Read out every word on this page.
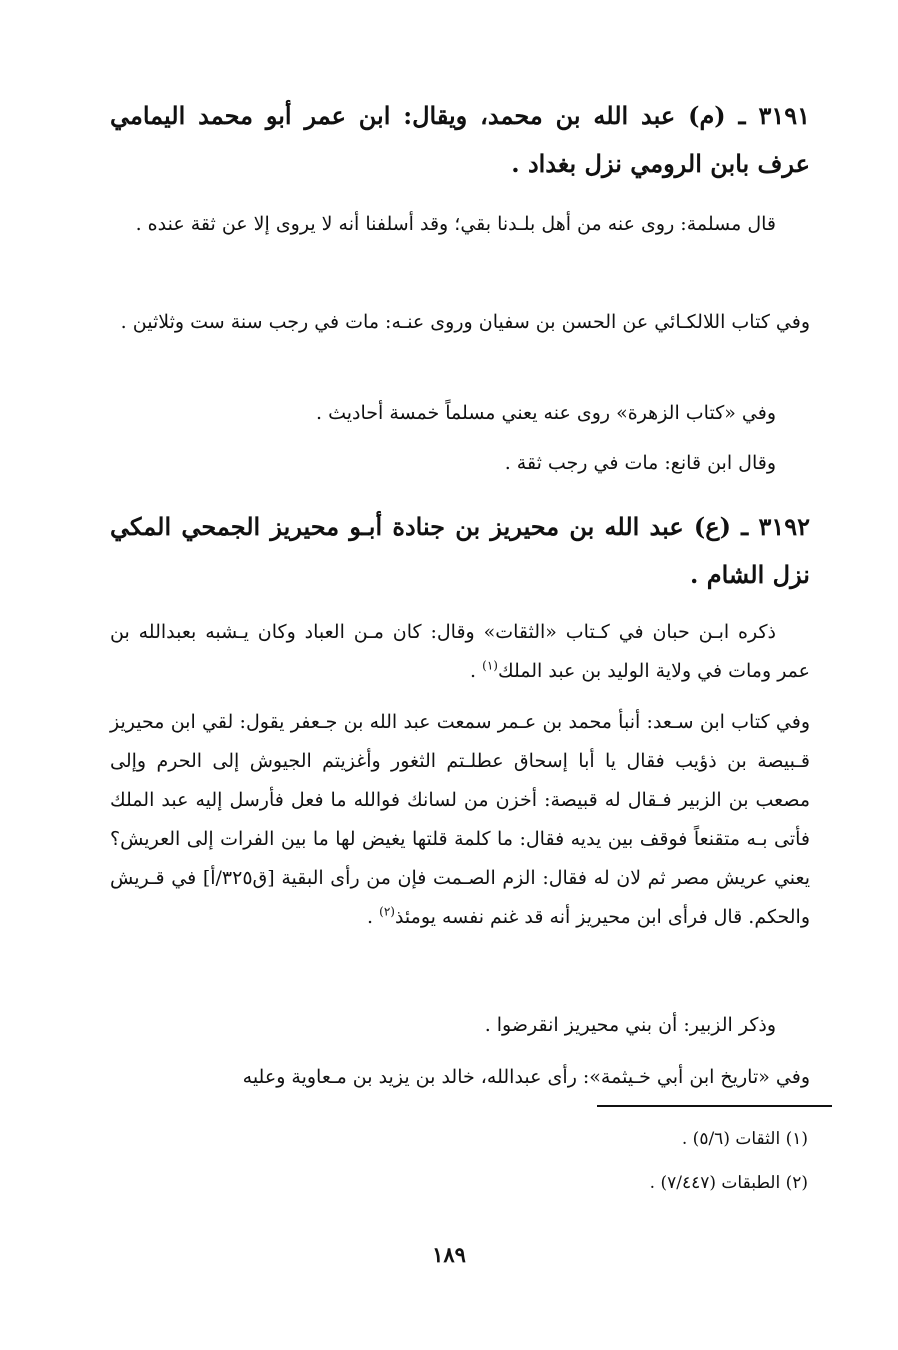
٣١٩١ ـ (م) عبد الله بن محمد، ويقال: ابن عمر أبو محمد اليمامي عرف بابن الرومي نزل بغداد .
قال مسلمة: روى عنه من أهل بلـدنا بقي؛ وقد أسلفنا أنه لا يروى إلا عن ثقة عنده .
وفي كتاب اللالكـائي عن الحسن بن سفيان وروى عنـه: مات في رجب سنة ست وثلاثين .
وفي «كتاب الزهرة» روى عنه يعني مسلماً خمسة أحاديث .
وقال ابن قانع: مات في رجب ثقة .
٣١٩٢ ـ (ع) عبد الله بن محيريز بن جنادة أبـو محيريز الجمحي المكي نزل الشام .
ذكره ابـن حبان في كـتاب «الثقات» وقال: كان مـن العباد وكان يـشبه بعبدالله بن عمر ومات في ولاية الوليد بن عبد الملك$^{(١)}$ .
وفي كتاب ابن سـعد: أنبأ محمد بن عـمر سمعت عبد الله بن جـعفر يقول: لقي ابن محيريز قـبيصة بن ذؤيب فقال يا أبا إسحاق عطلـتم الثغور وأغزيتم الجيوش إلى الحرم وإلى مصعب بن الزبير فـقال له قبيصة: أخزن من لسانك فوالله ما فعل فأرسل إليه عبد الملك فأتى بـه متقنعاً فوقف بين يديه فقال: ما كلمة قلتها يغيض لها ما بين الفرات إلى العريش؟ يعني عريش مصر ثم لان له فقال: الزم الصـمت فإن من رأى البقية [ق٣٢٥/أ] في قـريش والحكم. قال فرأى ابن محيريز أنه قد غنم نفسه يومئذ$^{(٢)}$ .
وذكر الزبير: أن بني محيريز انقرضوا .
وفي «تاريخ ابن أبي خـيثمة»: رأى عبدالله، خالد بن يزيد بن مـعاوية وعليه
(١) الثقات (٥/٦) .
(٢) الطبقات (٧/٤٤٧) .
١٨٩
